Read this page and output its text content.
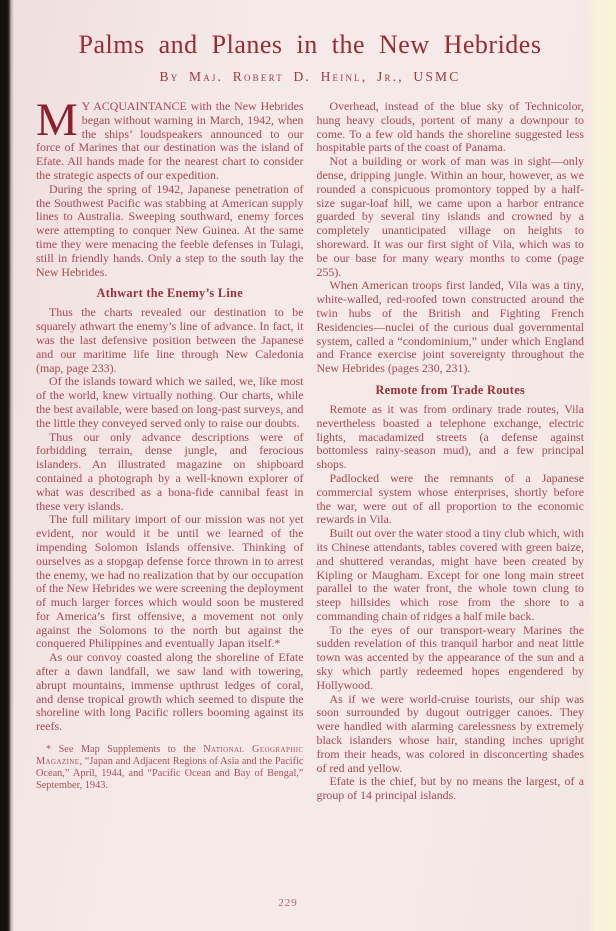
Palms and Planes in the New Hebrides
By Maj. Robert D. Heinl, Jr., USMC

M Y ACQUAINTANCE with the New Hebrides began without warning in March, 1942, when the ships’ loudspeakers announced to our force of Marines that our destination was the island of Efate. All hands made for the nearest chart to consider the strategic aspects of our expedition.

During the spring of 1942, Japanese penetration of the Southwest Pacific was stabbing at American supply lines to Australia. Sweeping southward, enemy forces were attempting to conquer New Guinea. At the same time they were menacing the feeble defenses in Tulagi, still in friendly hands. Only a step to the south lay the New Hebrides.

Athwart the Enemy’s Line

Thus the charts revealed our destination to be squarely athwart the enemy’s line of advance. In fact, it was the last defensive position between the Japanese and our maritime life line through New Caledonia (map, page 233).

Of the islands toward which we sailed, we, like most of the world, knew virtually nothing. Our charts, while the best available, were based on long-past surveys, and the little they conveyed served only to raise our doubts.

Thus our only advance descriptions were of forbidding terrain, dense jungle, and ferocious islanders. An illustrated magazine on shipboard contained a photograph by a well-known explorer of what was described as a bona-fide cannibal feast in these very islands.

The full military import of our mission was not yet evident, nor would it be until we learned of the impending Solomon Islands offensive. Thinking of ourselves as a stopgap defense force thrown in to arrest the enemy, we had no realization that by our occupation of the New Hebrides we were screening the deployment of much larger forces which would soon be mustered for America’s first offensive, a movement not only against the Solomons to the north but against the conquered Philippines and eventually Japan itself.*

As our convoy coasted along the shoreline of Efate after a dawn landfall, we saw land with towering, abrupt mountains, immense upthrust ledges of coral, and dense tropical growth which seemed to dispute the shoreline with long Pacific rollers booming against its reefs.

* See Map Supplements to the National Geographic Magazine, “Japan and Adjacent Regions of Asia and the Pacific Ocean,” April, 1944, and “Pacific Ocean and Bay of Bengal,” September, 1943.

Overhead, instead of the blue sky of Technicolor, hung heavy clouds, portent of many a downpour to come. To a few old hands the shoreline suggested less hospitable parts of the coast of Panama.

Not a building or work of man was in sight—only dense, dripping jungle. Within an hour, however, as we rounded a conspicuous promontory topped by a half-size sugar-loaf hill, we came upon a harbor entrance guarded by several tiny islands and crowned by a completely unanticipated village on heights to shoreward. It was our first sight of Vila, which was to be our base for many weary months to come (page 255).

When American troops first landed, Vila was a tiny, white-walled, red-roofed town constructed around the twin hubs of the British and Fighting French Residencies—nuclei of the curious dual governmental system, called a “condominium,” under which England and France exercise joint sovereignty throughout the New Hebrides (pages 230, 231).

Remote from Trade Routes

Remote as it was from ordinary trade routes, Vila nevertheless boasted a telephone exchange, electric lights, macadamized streets (a defense against bottomless rainy-season mud), and a few principal shops.

Padlocked were the remnants of a Japanese commercial system whose enterprises, shortly before the war, were out of all proportion to the economic rewards in Vila.

Built out over the water stood a tiny club which, with its Chinese attendants, tables covered with green baize, and shuttered verandas, might have been created by Kipling or Maugham. Except for one long main street parallel to the water front, the whole town clung to steep hillsides which rose from the shore to a commanding chain of ridges a half mile back.

To the eyes of our transport-weary Marines the sudden revelation of this tranquil harbor and neat little town was accented by the appearance of the sun and a sky which partly redeemed hopes engendered by Hollywood.

As if we were world-cruise tourists, our ship was soon surrounded by dugout outrigger canoes. They were handled with alarming carelessness by extremely black islanders whose hair, standing inches upright from their heads, was colored in disconcerting shades of red and yellow.

Efate is the chief, but by no means the largest, of a group of 14 principal islands.

229
